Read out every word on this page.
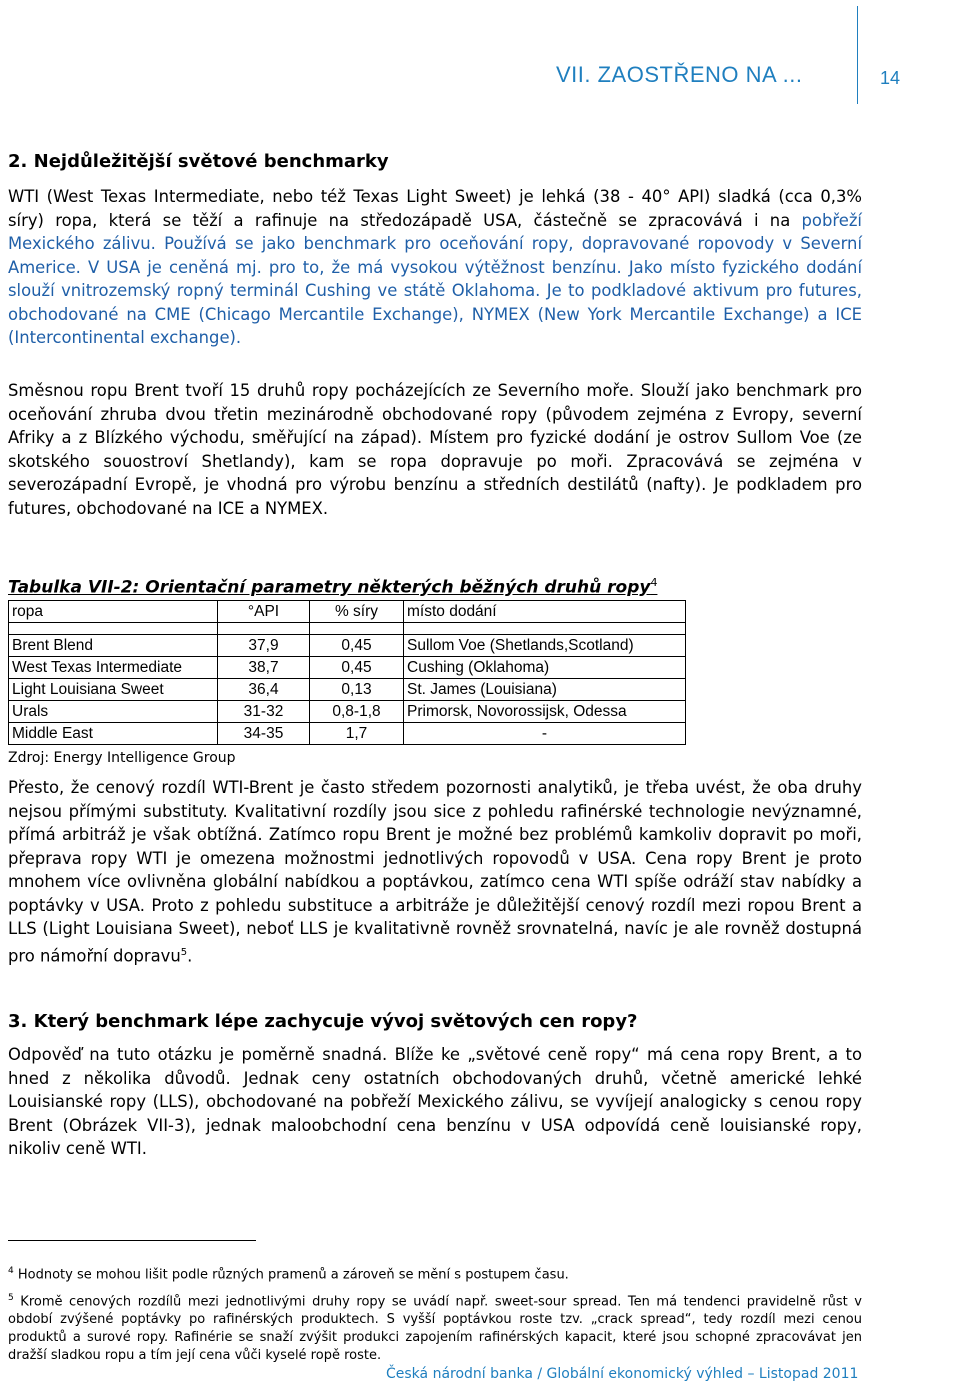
VII. ZAOSTŘENO NA ...	14
2. Nejdůležitější světové benchmarky

WTI (West Texas Intermediate, nebo též Texas Light Sweet) je lehká (38 - 40° API) sladká (cca 0,3% síry) ropa, která se těží a rafinuje na středozápadě USA, částečně se zpracovává i na pobřeží Mexického zálivu. Používá se jako benchmark pro oceňování ropy, dopravované ropovody v Severní Americe. V USA je ceněná mj. pro to, že má vysokou výtěžnost benzínu. Jako místo fyzického dodání slouží vnitrozemský ropný terminál Cushing ve státě Oklahoma. Je to podkladové aktivum pro futures, obchodované na CME (Chicago Mercantile Exchange), NYMEX (New York Mercantile Exchange) a ICE (Intercontinental exchange).

Směsnou ropu Brent tvoří 15 druhů ropy pocházejících ze Severního moře. Slouží jako benchmark pro oceňování zhruba dvou třetin mezinárodně obchodované ropy (původem zejména z Evropy, severní Afriky a z Blízkého východu, směřující na západ). Místem pro fyzické dodání je ostrov Sullom Voe (ze skotského souostroví Shetlandy), kam se ropa dopravuje po moři. Zpracovává se zejména v severozápadní Evropě, je vhodná pro výrobu benzínu a středních destilátů (nafty). Je podkladem pro futures, obchodované na ICE a NYMEX.

Tabulka VII-2: Orientační parametry některých běžných druhů ropy$^4$
ropa	°API	% síry	místo dodání

Brent Blend	37,9	0,45	Sullom Voe (Shetlands,Scotland)
West Texas Intermediate	38,7	0,45	Cushing (Oklahoma)
Light Louisiana Sweet	36,4	0,13	St. James (Louisiana)
Urals	31-32	0,8-1,8	Primorsk, Novorossijsk, Odessa
Middle East	34-35	1,7	-
Zdroj: Energy Intelligence Group

Přesto, že cenový rozdíl WTI-Brent je často středem pozornosti analytiků, je třeba uvést, že oba druhy nejsou přímými substituty. Kvalitativní rozdíly jsou sice z pohledu rafinérské technologie nevýznamné, přímá arbitráž je však obtížná. Zatímco ropu Brent je možné bez problémů kamkoliv dopravit po moři, přeprava ropy WTI je omezena možnostmi jednotlivých ropovodů v USA. Cena ropy Brent je proto mnohem více ovlivněna globální nabídkou a poptávkou, zatímco cena WTI spíše odráží stav nabídky a poptávky v USA. Proto z pohledu substituce a arbitráže je důležitější cenový rozdíl mezi ropou Brent a LLS (Light Louisiana Sweet), neboť LLS je kvalitativně rovněž srovnatelná, navíc je ale rovněž dostupná pro námořní dopravu$^5$.

3. Který benchmark lépe zachycuje vývoj světových cen ropy?

Odpověď na tuto otázku je poměrně snadná. Blíže ke „světové ceně ropy“ má cena ropy Brent, a to hned z několika důvodů. Jednak ceny ostatních obchodovaných druhů, včetně americké lehké Louisianské ropy (LLS), obchodované na pobřeží Mexického zálivu, se vyvíjejí analogicky s cenou ropy Brent (Obrázek VII-3), jednak maloobchodní cena benzínu v USA odpovídá ceně louisianské ropy, nikoliv ceně WTI.

$^4$ Hodnoty se mohou lišit podle různých pramenů a zároveň se mění s postupem času.

$^5$ Kromě cenových rozdílů mezi jednotlivými druhy ropy se uvádí např. sweet-sour spread. Ten má tendenci pravidelně růst v období zvýšené poptávky po rafinérských produktech. S vyšší poptávkou roste tzv. „crack spread“, tedy rozdíl mezi cenou produktů a surové ropy. Rafinérie se snaží zvýšit produkci zapojením rafinérských kapacit, které jsou schopné zpracovávat jen dražší sladkou ropu a tím její cena vůči kyselé ropě roste.

Česká národní banka / Globální ekonomický výhled – Listopad 2011
